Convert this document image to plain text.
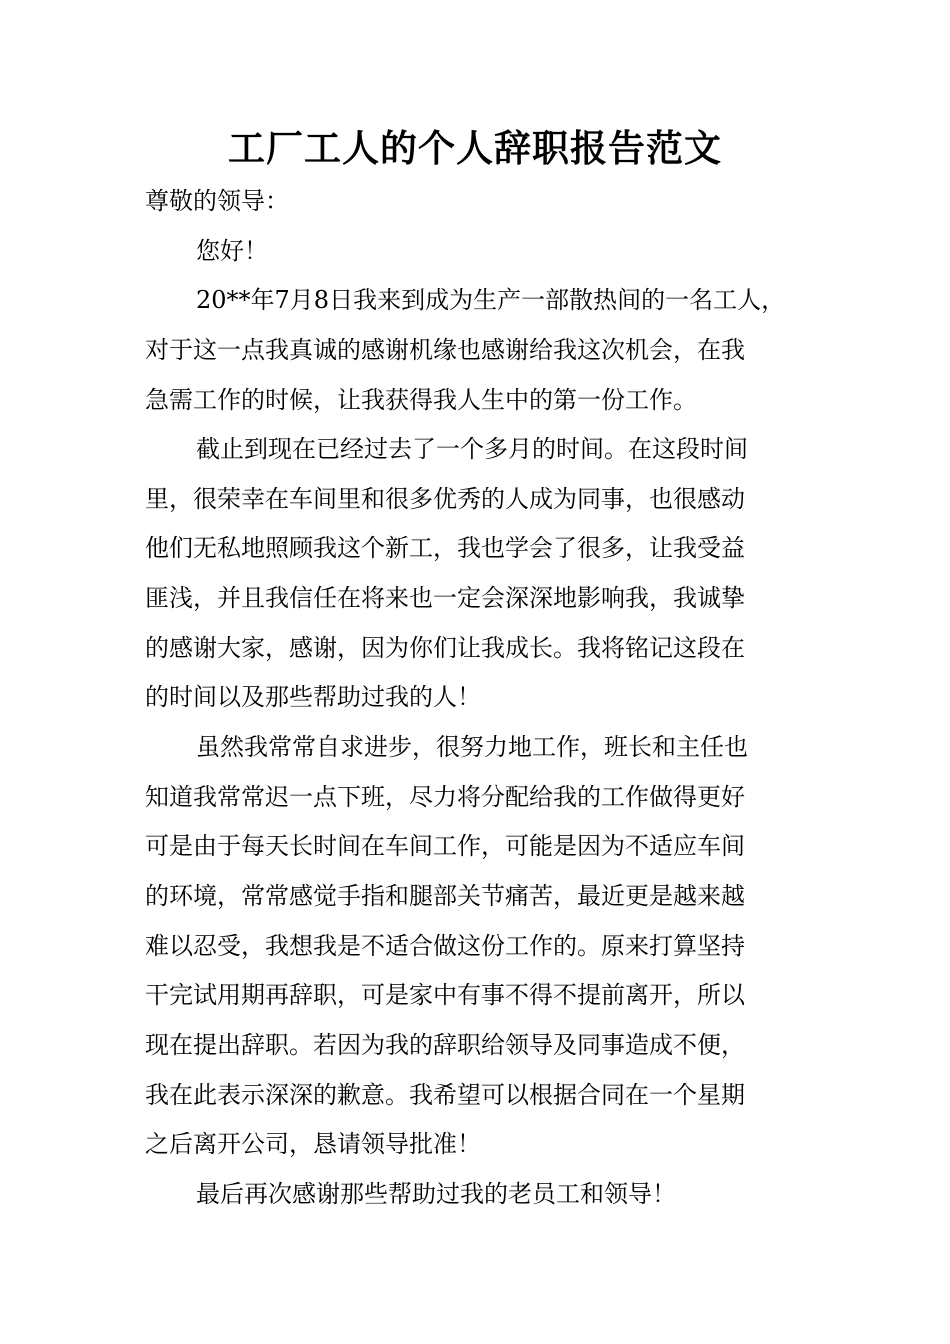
工厂工人的个人辞职报告范文
尊敬的领导：
您好！
20**年7月8日我来到成为生产一部散热间的一名工人，
对于这一点我真诚的感谢机缘也感谢给我这次机会，在我
急需工作的时候，让我获得我人生中的第一份工作。
截止到现在已经过去了一个多月的时间。在这段时间
里，很荣幸在车间里和很多优秀的人成为同事，也很感动
他们无私地照顾我这个新工，我也学会了很多，让我受益
匪浅，并且我信任在将来也一定会深深地影响我，我诚挚
的感谢大家，感谢，因为你们让我成长。我将铭记这段在
的时间以及那些帮助过我的人！
虽然我常常自求进步，很努力地工作，班长和主任也
知道我常常迟一点下班，尽力将分配给我的工作做得更好
可是由于每天长时间在车间工作，可能是因为不适应车间
的环境，常常感觉手指和腿部关节痛苦，最近更是越来越
难以忍受，我想我是不适合做这份工作的。原来打算坚持
干完试用期再辞职，可是家中有事不得不提前离开，所以
现在提出辞职。若因为我的辞职给领导及同事造成不便，
我在此表示深深的歉意。我希望可以根据合同在一个星期
之后离开公司，恳请领导批准！
最后再次感谢那些帮助过我的老员工和领导！
